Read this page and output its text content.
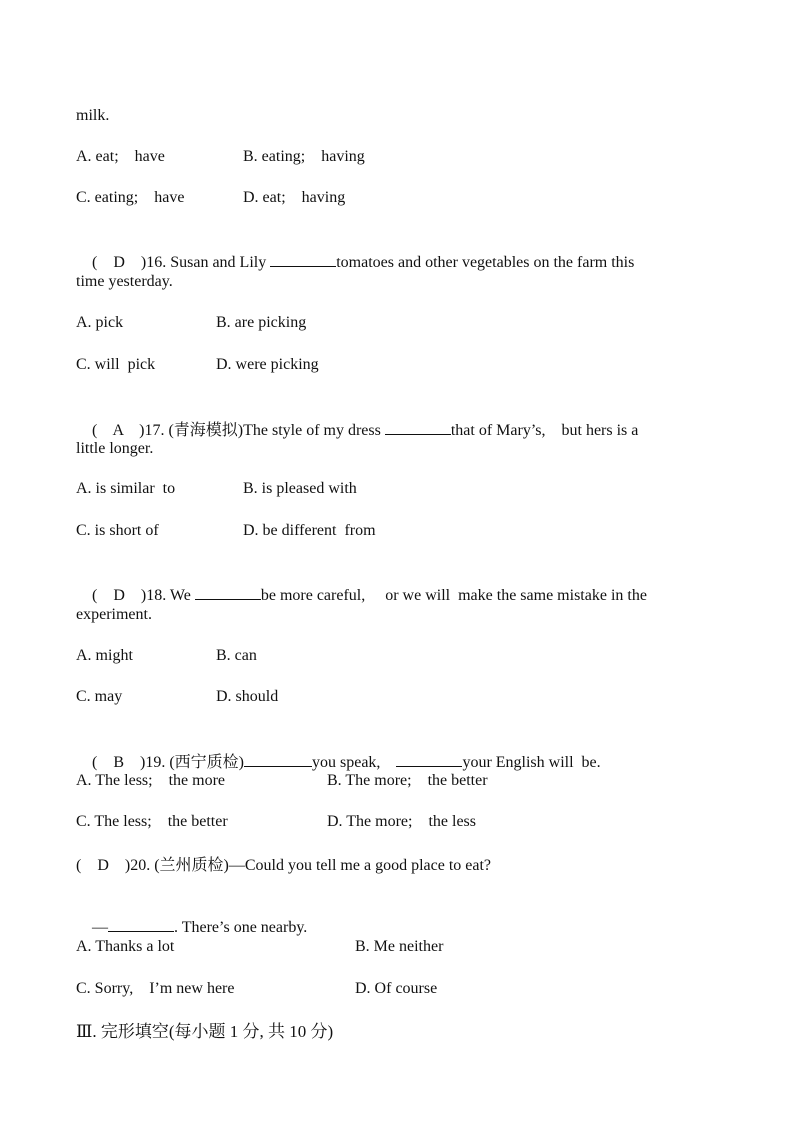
milk.
A. eat;    have	B. eating;    having
C. eating;    have	D. eat;    having

(    D    )16. Susan and Lily	tomatoes and other vegetables on the farm this

time yesterday.
A. pick	B. are picking
C. will  pick	D. were picking

(    A    )17. (青海模拟)The style of my dress	that of Mary’s,    but hers is a

little longer.
A. is similar  to	B. is pleased with
C. is short of	D. be different  from

(    D    )18. We	be more careful,     or we will  make the same mistake in the

experiment.
A. might	B. can
C. may	D. should

(    B    )19. (西宁质检)	you speak,	your English will  be.

A. The less;    the more	B. The more;    the better
C. The less;    the better	D. The more;    the less
(    D    )20. (兰州质检)—Could you tell me a good place to eat?

—	. There’s one nearby.

A. Thanks a lot	B. Me neither
C. Sorry,    I’m new here	D. Of course
Ⅲ. 完形填空(每小题 1 分, 共 10 分)
